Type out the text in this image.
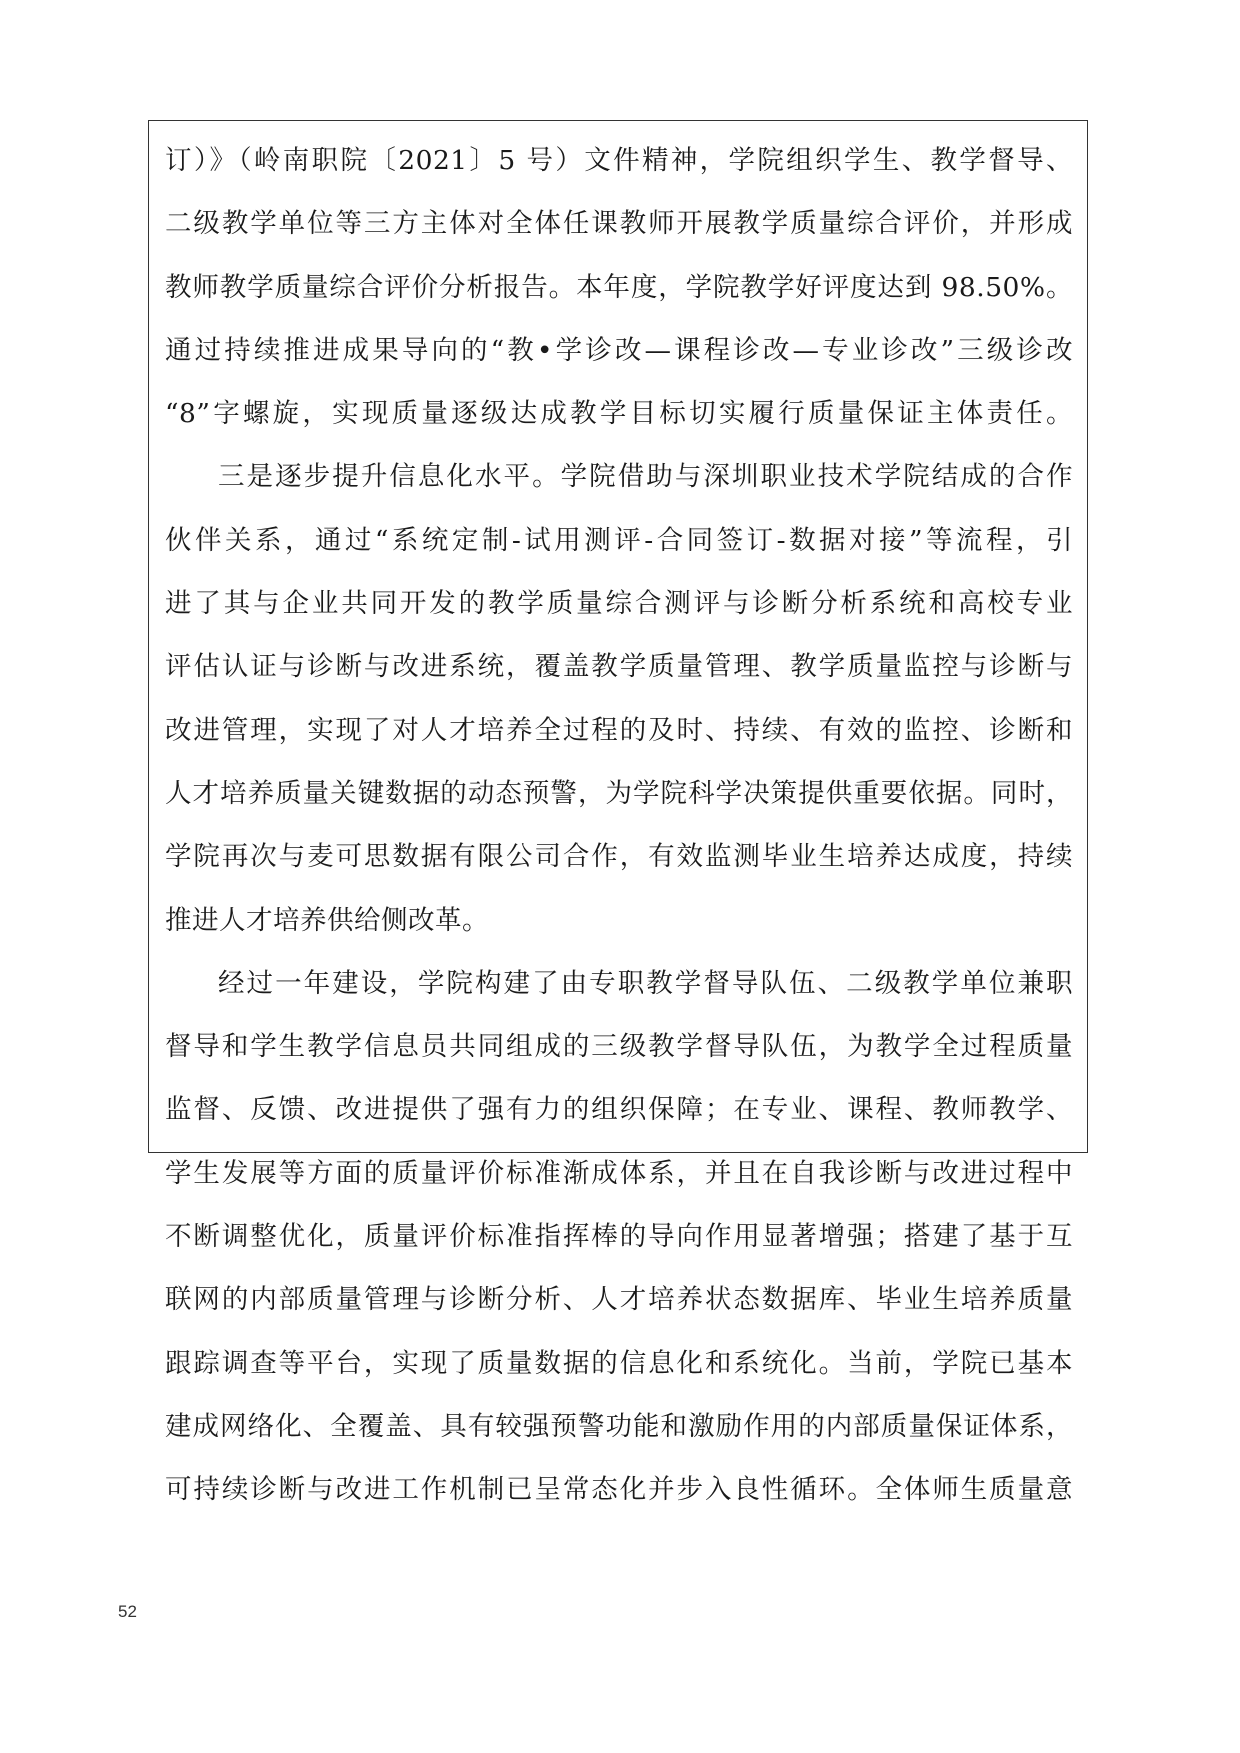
订）》（岭南职院〔2021〕5 号）文件精神，学院组织学生、教学督导、
二级教学单位等三方主体对全体任课教师开展教学质量综合评价，并形成
教师教学质量综合评价分析报告。本年度，学院教学好评度达到 98.50%。
通过持续推进成果导向的“教•学诊改—课程诊改—专业诊改”三级诊改
“8”字螺旋，实现质量逐级达成教学目标切实履行质量保证主体责任。
三是逐步提升信息化水平。学院借助与深圳职业技术学院结成的合作
伙伴关系，通过“系统定制-试用测评-合同签订-数据对接”等流程，引
进了其与企业共同开发的教学质量综合测评与诊断分析系统和高校专业
评估认证与诊断与改进系统，覆盖教学质量管理、教学质量监控与诊断与
改进管理，实现了对人才培养全过程的及时、持续、有效的监控、诊断和
人才培养质量关键数据的动态预警，为学院科学决策提供重要依据。同时，
学院再次与麦可思数据有限公司合作，有效监测毕业生培养达成度，持续
推进人才培养供给侧改革。
经过一年建设，学院构建了由专职教学督导队伍、二级教学单位兼职
督导和学生教学信息员共同组成的三级教学督导队伍，为教学全过程质量
监督、反馈、改进提供了强有力的组织保障；在专业、课程、教师教学、
学生发展等方面的质量评价标准渐成体系，并且在自我诊断与改进过程中
不断调整优化，质量评价标准指挥棒的导向作用显著增强；搭建了基于互
联网的内部质量管理与诊断分析、人才培养状态数据库、毕业生培养质量
跟踪调查等平台，实现了质量数据的信息化和系统化。当前，学院已基本
建成网络化、全覆盖、具有较强预警功能和激励作用的内部质量保证体系，
可持续诊断与改进工作机制已呈常态化并步入良性循环。全体师生质量意
52
